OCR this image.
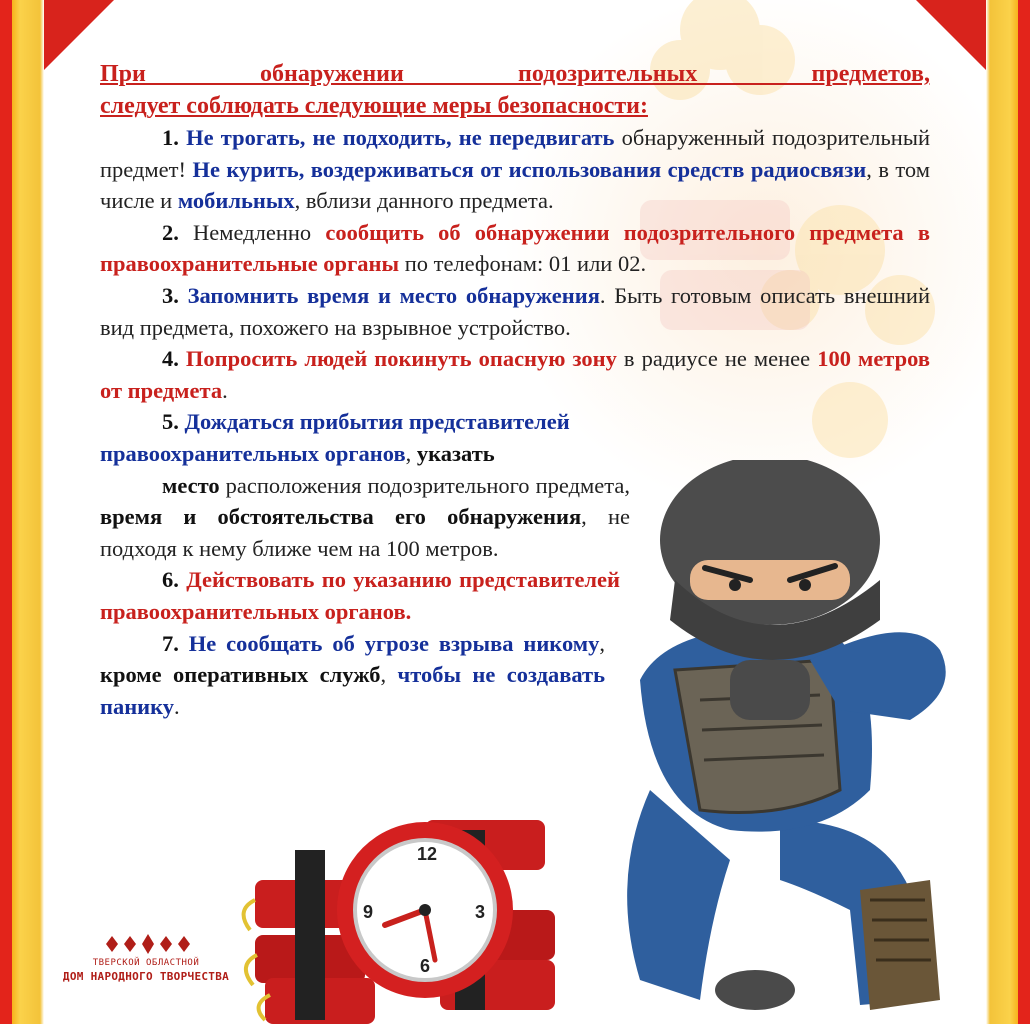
При обнаружении подозрительных предметов,
следует соблюдать следующие меры безопасности:

1. Не трогать, не подходить, не передвигать обнаруженный подозрительный предмет! Не курить, воздерживаться от использования средств радиосвязи, в том числе и мобильных, вблизи данного предмета.

2. Немедленно сообщить об обнаружении подозрительного предмета в правоохранительные органы по телефонам: 01 или 02.

3. Запомнить время и место обнаружения. Быть готовым описать внешний вид предмета, похожего на взрывное устройство.

4. Попросить людей покинуть опасную зону в радиусе не менее 100 метров от предмета.

5. Дождаться прибытия представителей правоохранительных органов, указать

место расположения подозрительного предмета, время и обстоятельства его обнаружения, не подходя к нему ближе чем на 100 метров.

6. Действовать по указанию представителей правоохранительных органов.

7. Не сообщать об угрозе взрыва никому, кроме оперативных служб, чтобы не создавать панику.

12
3
6
9
ТВЕРСКОЙ ОБЛАСТНОЙ
ДОМ НАРОДНОГО ТВОРЧЕСТВА
